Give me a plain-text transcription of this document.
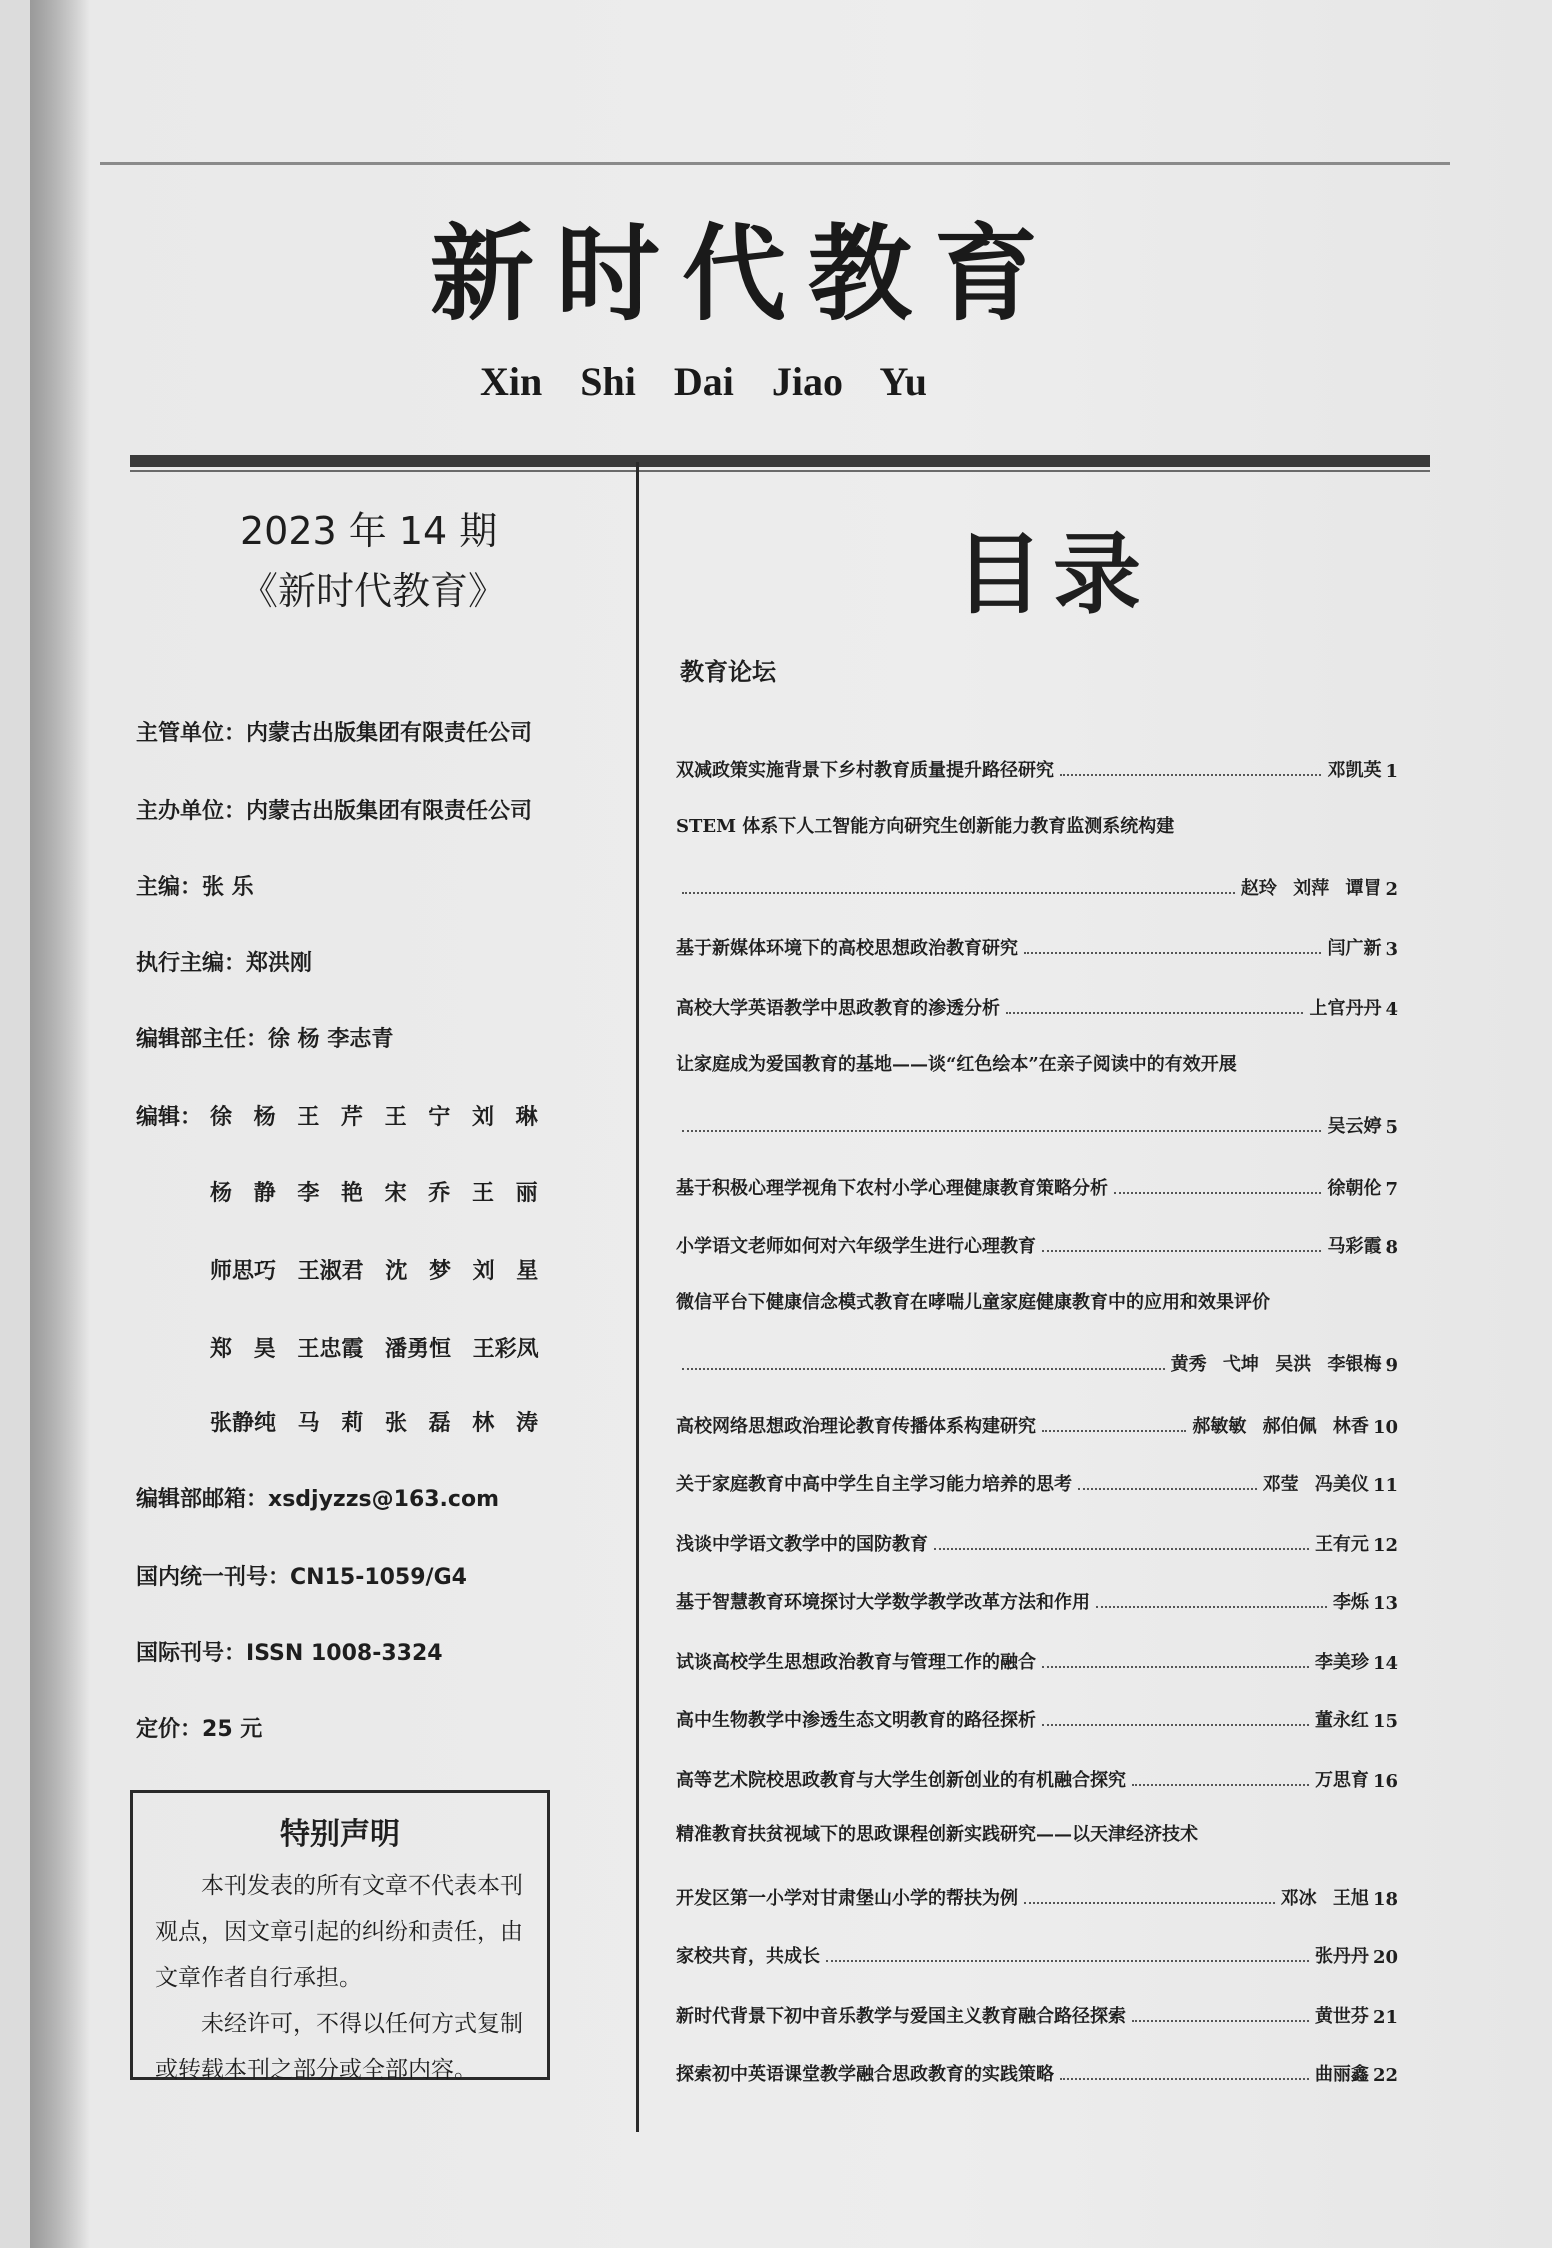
新时代教育
Xin Shi Dai Jiao Yu
2023 年 14 期
《新时代教育》	目录
主管单位：内蒙古出版集团有限责任公司
主办单位：内蒙古出版集团有限责任公司
主编：张 乐
执行主编：郑洪刚
编辑部主任：徐 杨 李志青
编辑： 徐 杨 王 芹 王 宁 刘 琳
杨 静 李 艳 宋 乔 王 丽
师思巧 王淑君 沈 梦 刘 星
郑 昊 王忠霞 潘勇恒 王彩凤
张静纯 马 莉 张 磊 林 涛
编辑部邮箱：xsdjyzzs@163.com
国内统一刊号：CN15-1059/G4
国际刊号：ISSN 1008-3324
定价：25 元
特别声明

本刊发表的所有文章不代表本刊观点，因文章引起的纠纷和责任，由文章作者自行承担。

未经许可，不得以任何方式复制或转载本刊之部分或全部内容。

教育论坛
双减政策实施背景下乡村教育质量提升路径研究	邓凯英 1
STEM 体系下人工智能方向研究生创新能力教育监测系统构建
赵玲 刘萍 谭冒 2
基于新媒体环境下的高校思想政治教育研究	闫广新 3
高校大学英语教学中思政教育的渗透分析	上官丹丹 4
让家庭成为爱国教育的基地——谈“红色绘本”在亲子阅读中的有效开展
吴云婷 5
基于积极心理学视角下农村小学心理健康教育策略分析	徐朝伦 7
小学语文老师如何对六年级学生进行心理教育	马彩霞 8
微信平台下健康信念模式教育在哮喘儿童家庭健康教育中的应用和效果评价
黄秀 弋坤 吴洪 李银梅 9
高校网络思想政治理论教育传播体系构建研究	郝敏敏 郝伯佩 林香 10
关于家庭教育中高中学生自主学习能力培养的思考	邓莹 冯美仪 11
浅谈中学语文教学中的国防教育	王有元 12
基于智慧教育环境探讨大学数学教学改革方法和作用	李烁 13
试谈高校学生思想政治教育与管理工作的融合	李美珍 14
高中生物教学中渗透生态文明教育的路径探析	董永红 15
高等艺术院校思政教育与大学生创新创业的有机融合探究	万思育 16
精准教育扶贫视域下的思政课程创新实践研究——以天津经济技术
开发区第一小学对甘肃堡山小学的帮扶为例	邓冰 王旭 18
家校共育，共成长	张丹丹 20
新时代背景下初中音乐教学与爱国主义教育融合路径探索	黄世芬 21
探索初中英语课堂教学融合思政教育的实践策略	曲丽鑫 22
